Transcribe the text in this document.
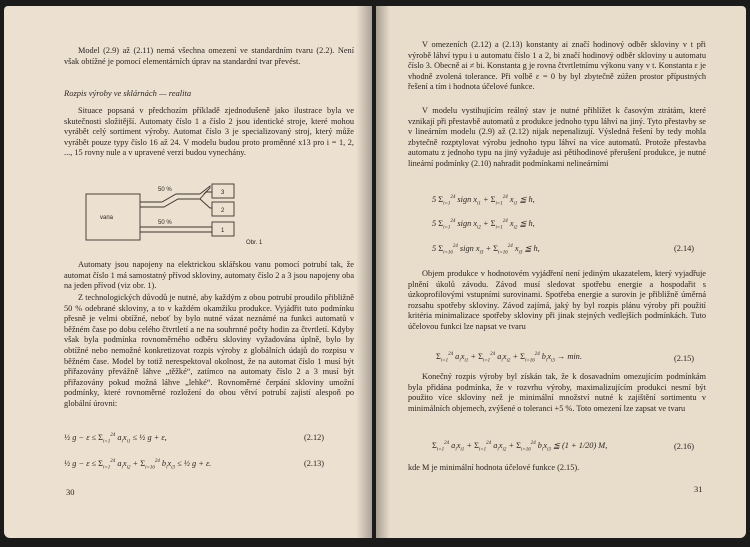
Model (2.9) až (2.11) nemá všechna omezení ve standardním tvaru (2.2). Není však obtížné je pomocí elementárních úprav na standardní tvar převést.
Rozpis výroby ve sklárnách — realita
Situace popsaná v předchozím příkladě zjednodušeně jako ilustrace byla ve skutečnosti složitější. Automaty číslo 1 a číslo 2 jsou identické stroje, které mohou vyrábět celý sortiment výroby. Automat číslo 3 je specializovaný stroj, který může vyrábět pouze typy číslo 16 až 24. V modelu budou proto proměnné x13 pro i = 1, 2, ..., 15 rovny nule a v upravené verzi budou vynechány.
vana
50 %
50 %
3
2
1
Obr. 1
Automaty jsou napojeny na elektrickou sklářskou vanu pomocí potrubí tak, že automat číslo 1 má samostatný přívod skloviny, automaty číslo 2 a 3 jsou napojeny oba na jeden přívod (viz obr. 1).
Z technologických důvodů je nutné, aby každým z obou potrubí proudilo přibližně 50 % odebrané skloviny, a to v každém okamžiku produkce. Vyjádřit tuto podmínku přesně je velmi obtížné, neboť by bylo nutné vázat neznámé na funkci automatů v běžném čase po dobu celého čtvrtletí a ne na souhrnné počty hodin za čtvrtletí. Kdyby však byla podmínka rovnoměrného odběru skloviny vyžadována úplně, bylo by obtížné nebo nemožné konkretizovat rozpis výroby z globálních údajů do rozpisu v běžném čase. Model by totiž nerespektoval okolnost, že na automat číslo 1 musí být přiřazovány převážně láhve „těžké“, zatímco na automaty číslo 2 a 3 musí být přiřazovány pokud možná láhve „lehké“. Rovnoměrné čerpání skloviny umožní podmínky, které rovnoměrné rozložení do obou větví potrubí zajistí alespoň po globální úrovni:
½ $g - \varepsilon \le \Sigma_{i=1}^{24}$ $a_ix_{i1}$ ≤ ½ g + ε,	(2.12)
½ $g - \varepsilon \le \Sigma_{i=1}^{24}$ $a_ix_{i2} + \Sigma_{i=16}^{24}$ $b_ix_{i3}$ ≤ ½ g + ε.	(2.13)
30
V omezeních (2.12) a (2.13) konstanty ai značí hodinový odběr skloviny v t při výrobě láhví typu i u automatu číslo 1 a 2, bi značí hodinový odběr skloviny u automatu číslo 3. Obecně ai ≠ bi. Konstanta g je rovna čtvrtletnímu výkonu vany v t. Konstanta ε je vhodně zvolená tolerance. Při volbě ε = 0 by byl zbytečně zúžen prostor přípustných řešení a tím i hodnota účelové funkce.
V modelu vystihujícím reálný stav je nutné přihlížet k časovým ztrátám, které vznikají při přestavbě automatů z produkce jednoho typu láhví na jiný. Tyto přestavby se v lineárním modelu (2.9) až (2.12) nijak nepenalizují. Výsledná řešení by tedy mohla zbytečně rozptylovat výrobu jednoho typu láhví na více automatů. Protože přestavba automatu z jednoho typu na jiný vyžaduje asi pětihodinové přerušení produkce, je nutné lineární podmínky (2.10) nahradit podmínkami nelineárními
5 $\Sigma_{i=1}^{24}$ sign $x_{i1} + \Sigma_{i=1}^{24}$ $x_{i1}$ ≦ h,
5 $\Sigma_{i=1}^{24}$ sign $x_{i2} + \Sigma_{i=1}^{24}$ $x_{i2}$ ≦ h,
5 $\Sigma_{i=16}^{24}$ sign $x_{i3} + \Sigma_{i=16}^{24}$ $x_{i3}$ ≦ h,	(2.14)
Objem produkce v hodnotovém vyjádření není jediným ukazatelem, který vyjadřuje plnění úkolů závodu. Závod musí sledovat spotřebu energie a hospodařit s úzkoprofilovými vstupními surovinami. Spotřeba energie a surovin je přibližně úměrná rozsahu spotřeby skloviny. Závod zajímá, jaký by byl rozpis plánu výroby při použití kritéria minimalizace spotřeby skloviny při jinak stejných vedlejších podmínkách. Tuto účelovou funkci lze napsat ve tvaru
$\Sigma_{i=1}^{24}$ $a_ix_{i1} + \Sigma_{i=1}^{24}$ $a_ix_{i2} + \Sigma_{i=16}^{24}$ $b_ix_{i3} \to \min$.	(2.15)
Konečný rozpis výroby byl získán tak, že k dosavadním omezujícím podmínkám byla přidána podmínka, že v rozvrhu výroby, maximalizujícím produkci nesmí být použito více skloviny než je minimální množství nutné k zajištění sortimentu v minimálních objemech, zvýšené o toleranci +5 %. Toto omezení lze zapsat ve tvaru
$\Sigma_{i=1}^{24}$ $a_ix_{i1} + \Sigma_{i=1}^{24}$ $a_ix_{i2} + \Sigma_{i=16}^{24}$ $b_ix_{i3}$ ≦ (1 + 1/20) M,	(2.16)
kde M je minimální hodnota účelové funkce (2.15).
31
